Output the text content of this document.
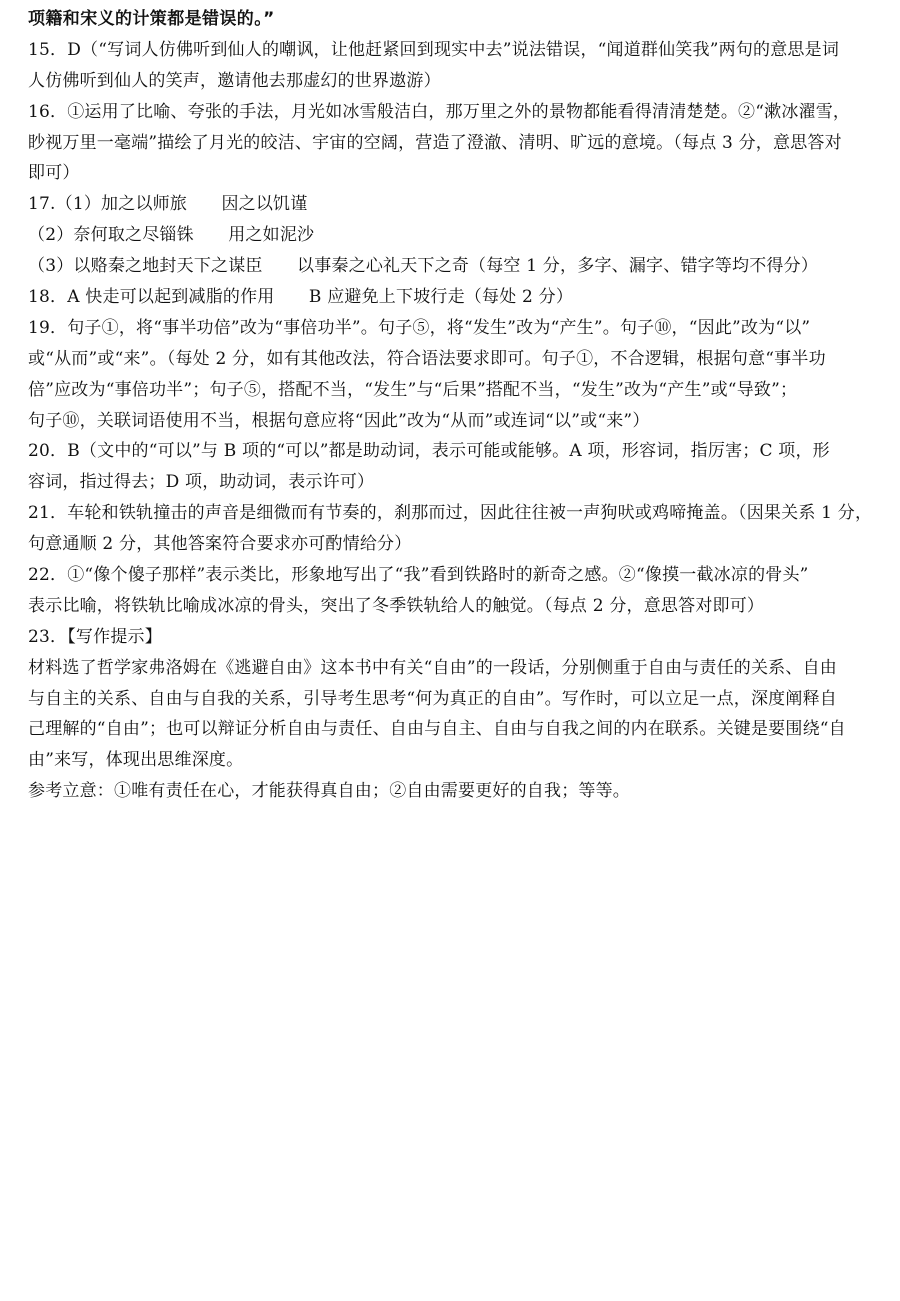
项籍和宋义的计策都是错误的。”
15．D（“写词人仿佛听到仙人的嘲讽，让他赶紧回到现实中去”说法错误，“闻道群仙笑我”两句的意思是词
人仿佛听到仙人的笑声，邀请他去那虚幻的世界遨游）
16．①运用了比喻、夸张的手法，月光如冰雪般洁白，那万里之外的景物都能看得清清楚楚。②“漱冰濯雪，
眇视万里一毫端”描绘了月光的皎洁、宇宙的空阔，营造了澄澈、清明、旷远的意境。（每点 3 分，意思答对
即可）
17.（1）加之以师旅　　因之以饥谨
（2）奈何取之尽锱铢　　用之如泥沙
（3）以赂秦之地封天下之谋臣　　以事秦之心礼天下之奇（每空 1 分，多字、漏字、错字等均不得分）
18．A 快走可以起到减脂的作用　　B 应避免上下坡行走（每处 2 分）
19．句子①，将“事半功倍”改为“事倍功半”。句子⑤，将“发生”改为“产生”。句子⑩，“因此”改为“以”
或“从而”或“来”。（每处 2 分，如有其他改法，符合语法要求即可。句子①，不合逻辑，根据句意“事半功
倍”应改为“事倍功半”；句子⑤，搭配不当，“发生”与“后果”搭配不当，“发生”改为“产生”或“导致”；
句子⑩，关联词语使用不当，根据句意应将“因此”改为“从而”或连词“以”或“来”）
20．B（文中的“可以”与 B 项的“可以”都是助动词，表示可能或能够。A 项，形容词，指厉害；C 项，形
容词，指过得去；D 项，助动词，表示许可）
21．车轮和铁轨撞击的声音是细微而有节奏的，刹那而过，因此往往被一声狗吠或鸡啼掩盖。（因果关系 1 分，
句意通顺 2 分，其他答案符合要求亦可酌情给分）
22．①“像个傻子那样”表示类比，形象地写出了“我”看到铁路时的新奇之感。②“像摸一截冰凉的骨头”
表示比喻，将铁轨比喻成冰凉的骨头，突出了冬季铁轨给人的触觉。（每点 2 分，意思答对即可）
23．【写作提示】
材料选了哲学家弗洛姆在《逃避自由》这本书中有关“自由”的一段话，分别侧重于自由与责任的关系、自由
与自主的关系、自由与自我的关系，引导考生思考“何为真正的自由”。写作时，可以立足一点，深度阐释自
己理解的“自由”；也可以辩证分析自由与责任、自由与自主、自由与自我之间的内在联系。关键是要围绕“自
由”来写，体现出思维深度。
参考立意：①唯有责任在心，才能获得真自由；②自由需要更好的自我；等等。
